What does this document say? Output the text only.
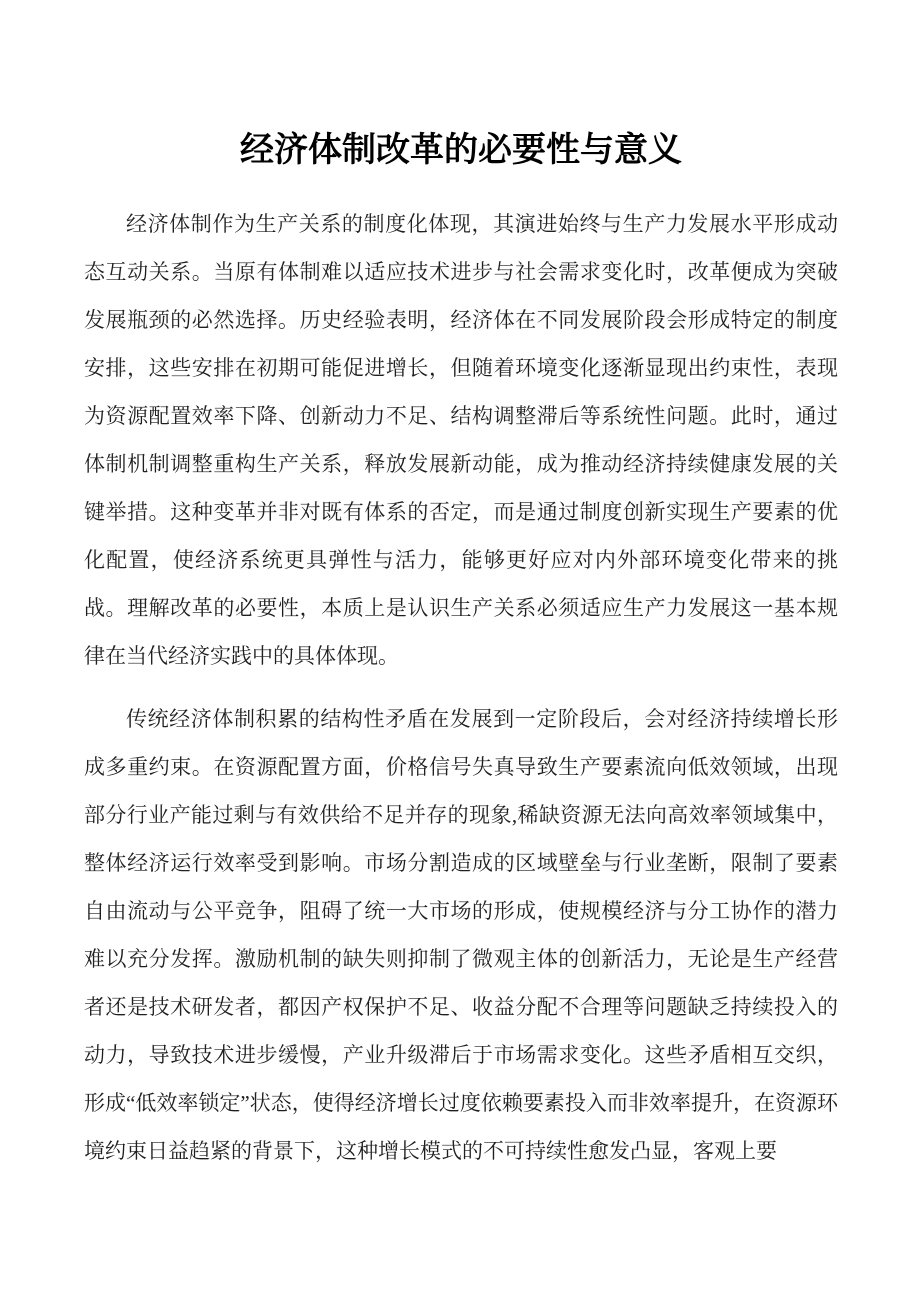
经济体制改革的必要性与意义

经济体制作为生产关系的制度化体现，其演进始终与生产力发展水平形成动态互动关系。当原有体制难以适应技术进步与社会需求变化时，改革便成为突破发展瓶颈的必然选择。历史经验表明，经济体在不同发展阶段会形成特定的制度安排，这些安排在初期可能促进增长，但随着环境变化逐渐显现出约束性，表现为资源配置效率下降、创新动力不足、结构调整滞后等系统性问题。此时，通过体制机制调整重构生产关系，释放发展新动能，成为推动经济持续健康发展的关键举措。这种变革并非对既有体系的否定，而是通过制度创新实现生产要素的优化配置，使经济系统更具弹性与活力，能够更好应对内外部环境变化带来的挑战。理解改革的必要性，本质上是认识生产关系必须适应生产力发展这一基本规律在当代经济实践中的具体体现。

传统经济体制积累的结构性矛盾在发展到一定阶段后，会对经济持续增长形成多重约束。在资源配置方面，价格信号失真导致生产要素流向低效领域，出现部分行业产能过剩与有效供给不足并存的现象,稀缺资源无法向高效率领域集中，整体经济运行效率受到影响。市场分割造成的区域壁垒与行业垄断，限制了要素自由流动与公平竞争，阻碍了统一大市场的形成，使规模经济与分工协作的潜力难以充分发挥。激励机制的缺失则抑制了微观主体的创新活力，无论是生产经营者还是技术研发者，都因产权保护不足、收益分配不合理等问题缺乏持续投入的动力，导致技术进步缓慢，产业升级滞后于市场需求变化。这些矛盾相互交织，形成“低效率锁定”状态，使得经济增长过度依赖要素投入而非效率提升，在资源环境约束日益趋紧的背景下，这种增长模式的不可持续性愈发凸显，客观上要
